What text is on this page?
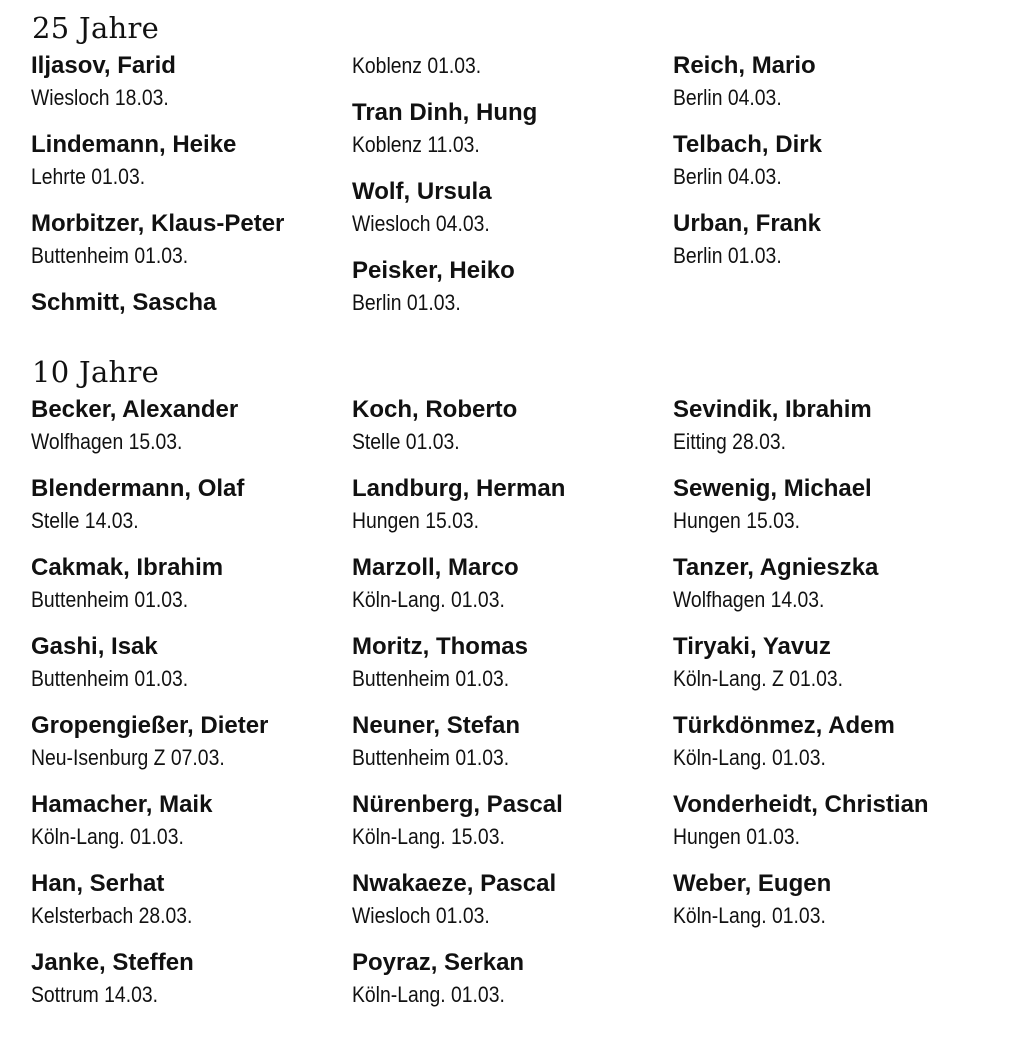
25 Jahre
Iljasov, Farid
Wiesloch 18.03.
Lindemann, Heike
Lehrte 01.03.
Morbitzer, Klaus-Peter
Buttenheim 01.03.
Schmitt, Sascha
Koblenz 01.03.
Tran Dinh, Hung
Koblenz 11.03.
Wolf, Ursula
Wiesloch 04.03.
Peisker, Heiko
Berlin 01.03.
Reich, Mario
Berlin 04.03.
Telbach, Dirk
Berlin 04.03.
Urban, Frank
Berlin 01.03.
10 Jahre
Becker, Alexander
Wolfhagen 15.03.
Blendermann, Olaf
Stelle 14.03.
Cakmak, Ibrahim
Buttenheim 01.03.
Gashi, Isak
Buttenheim 01.03.
Gropengießer, Dieter
Neu-Isenburg Z 07.03.
Hamacher, Maik
Köln-Lang. 01.03.
Han, Serhat
Kelsterbach 28.03.
Janke, Steffen
Sottrum 14.03.
Koch, Roberto
Stelle 01.03.
Landburg, Herman
Hungen 15.03.
Marzoll, Marco
Köln-Lang. 01.03.
Moritz, Thomas
Buttenheim 01.03.
Neuner, Stefan
Buttenheim 01.03.
Nürenberg, Pascal
Köln-Lang. 15.03.
Nwakaeze, Pascal
Wiesloch 01.03.
Poyraz, Serkan
Köln-Lang. 01.03.
Sevindik, Ibrahim
Eitting 28.03.
Sewenig, Michael
Hungen 15.03.
Tanzer, Agnieszka
Wolfhagen 14.03.
Tiryaki, Yavuz
Köln-Lang. Z 01.03.
Türkdönmez, Adem
Köln-Lang. 01.03.
Vonderheidt, Christian
Hungen 01.03.
Weber, Eugen
Köln-Lang. 01.03.
